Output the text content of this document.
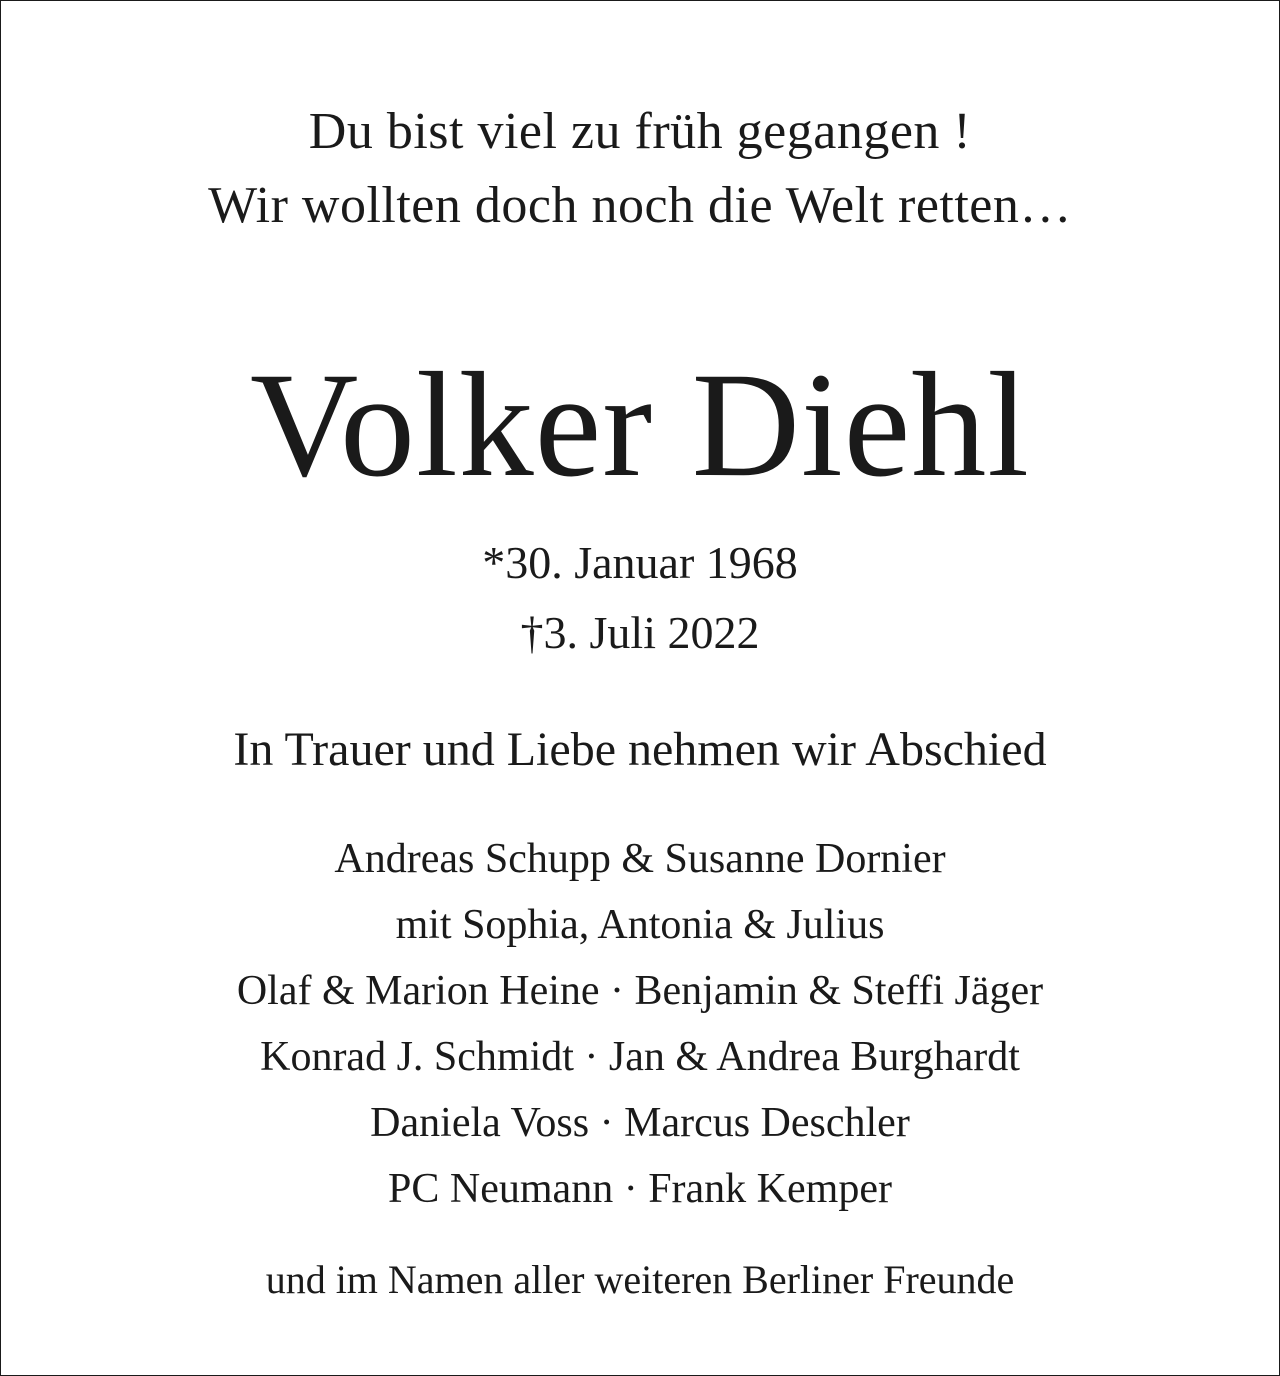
Du bist viel zu früh gegangen !
Wir wollten doch noch die Welt retten…
Volker Diehl
*30. Januar 1968
†3. Juli 2022
In Trauer und Liebe nehmen wir Abschied
Andreas Schupp & Susanne Dornier
mit Sophia, Antonia & Julius
Olaf & Marion Heine · Benjamin & Steffi Jäger
Konrad J. Schmidt · Jan & Andrea Burghardt
Daniela Voss · Marcus Deschler
PC Neumann · Frank Kemper
und im Namen aller weiteren Berliner Freunde
